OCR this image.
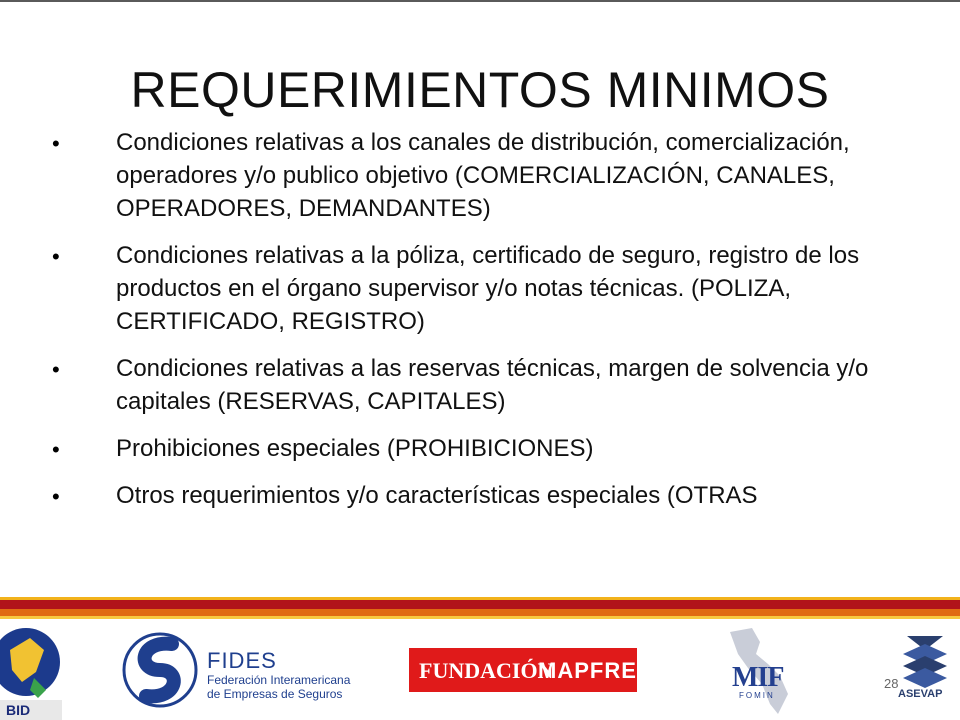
REQUERIMIENTOS MINIMOS
• Condiciones relativas a los canales de distribución, comercialización, operadores y/o publico objetivo (COMERCIALIZACIÓN, CANALES, OPERADORES, DEMANDANTES)
• Condiciones relativas a la póliza, certificado de seguro, registro de los productos en el órgano supervisor y/o notas técnicas. (POLIZA, CERTIFICADO, REGISTRO)
• Condiciones relativas a las reservas técnicas, margen de solvencia y/o capitales (RESERVAS, CAPITALES)
• Prohibiciones especiales (PROHIBICIONES)
• Otros requerimientos y/o características especiales (OTRAS
BID
FIDES
Federación Interamericana de Empresas de Seguros
FUNDACIÓN
MAPFRE	MIF
FOMIN	ASEVAP
28
